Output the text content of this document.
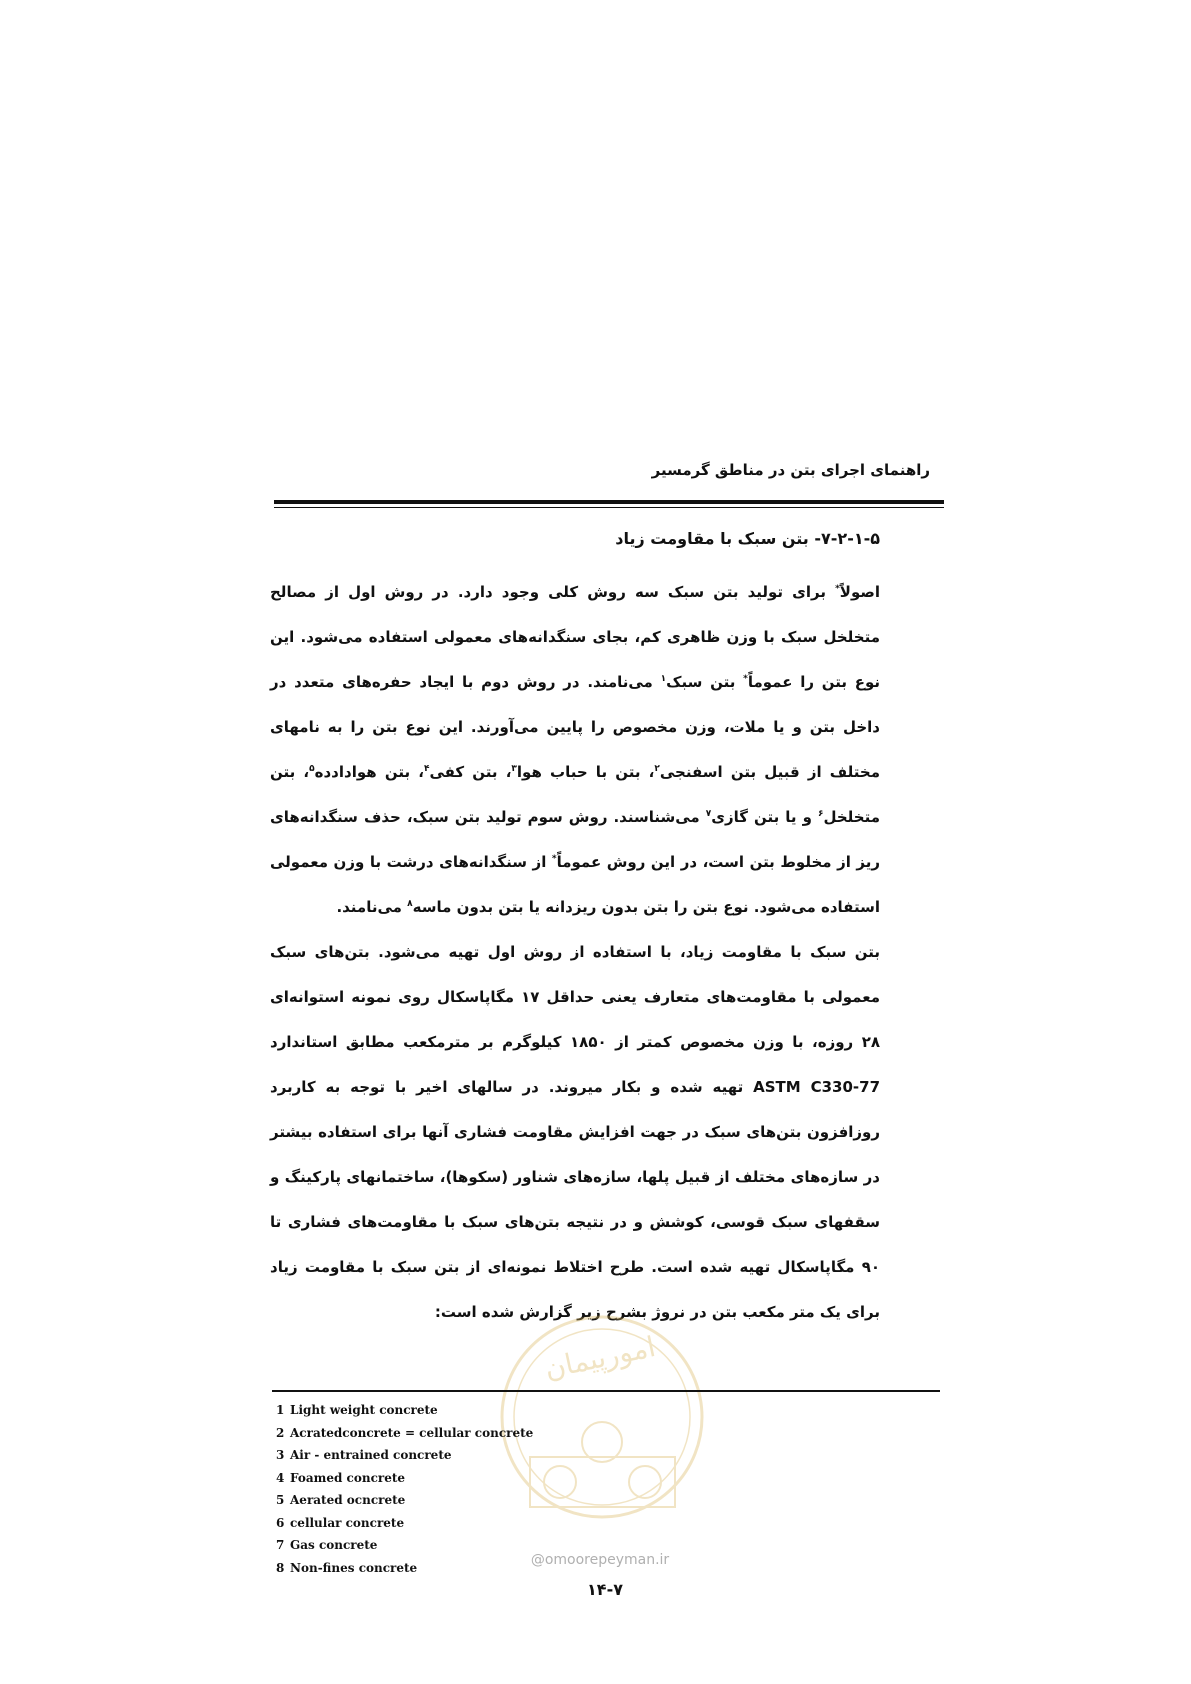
راهنمای اجرای بتن در مناطق گرمسیر
۷-۲-۱-۵- بتن سبک با مقاومت زیاد

اصولاً* برای تولید بتن سبک سه روش کلی وجود دارد. در روش اول از مصالح متخلخل سبک با وزن ظاهری کم، بجای سنگدانه‌های معمولی استفاده می‌شود. این نوع بتن را عموماً* بتن سبک$^۱$ می‌نامند. در روش دوم با ایجاد حفره‌های متعدد در داخل بتن و یا ملات، وزن مخصوص را پایین می‌آورند. این نوع بتن را به نامهای مختلف از قبیل بتن اسفنجی$^۲$، بتن با حباب هوا$^۳$، بتن کفی$^۴$، بتن هوادادده$^۵$، بتن متخلخل$^۶$ و یا بتن گازی$^۷$ می‌شناسند. روش سوم تولید بتن سبک، حذف سنگدانه‌های ریز از مخلوط بتن است، در این روش عموماً* از سنگدانه‌های درشت با وزن معمولی استفاده می‌شود. نوع بتن را بتن بدون ریزدانه یا بتن بدون ماسه$^۸$ می‌نامند.

بتن سبک با مقاومت زیاد، با استفاده از روش اول تهیه می‌شود. بتن‌های سبک معمولی با مقاومت‌های متعارف یعنی حداقل ۱۷ مگاپاسکال روی نمونه استوانه‌ای ۲۸ روزه، با وزن مخصوص کمتر از ۱۸۵۰ کیلوگرم بر مترمکعب مطابق استاندارد ASTM C330-77 تهیه شده و بکار میروند. در سالهای اخیر با توجه به کاربرد روزافزون بتن‌های سبک در جهت افزایش مقاومت فشاری آنها برای استفاده بیشتر در سازه‌های مختلف از قبیل پلها، سازه‌های شناور (سکوها)، ساختمانهای پارکینگ و سقفهای سبک قوسی، کوشش و در نتیجه بتن‌های سبک با مقاومت‌های فشاری تا ۹۰ مگاپاسکال تهیه شده است. طرح اختلاط نمونه‌ای از بتن سبک با مقاومت زیاد برای یک متر مکعب بتن در نروژ بشرح زیر گزارش شده است:

امورپیمان
@omoorepeyman.ir
1 Light weight concrete
2 Acratedconcrete = cellular concrete
3 Air - entrained concrete
4 Foamed concrete
5 Aerated ocncrete
6 cellular concrete
7 Gas concrete
8 Non-fines concrete
۱۴-۷
